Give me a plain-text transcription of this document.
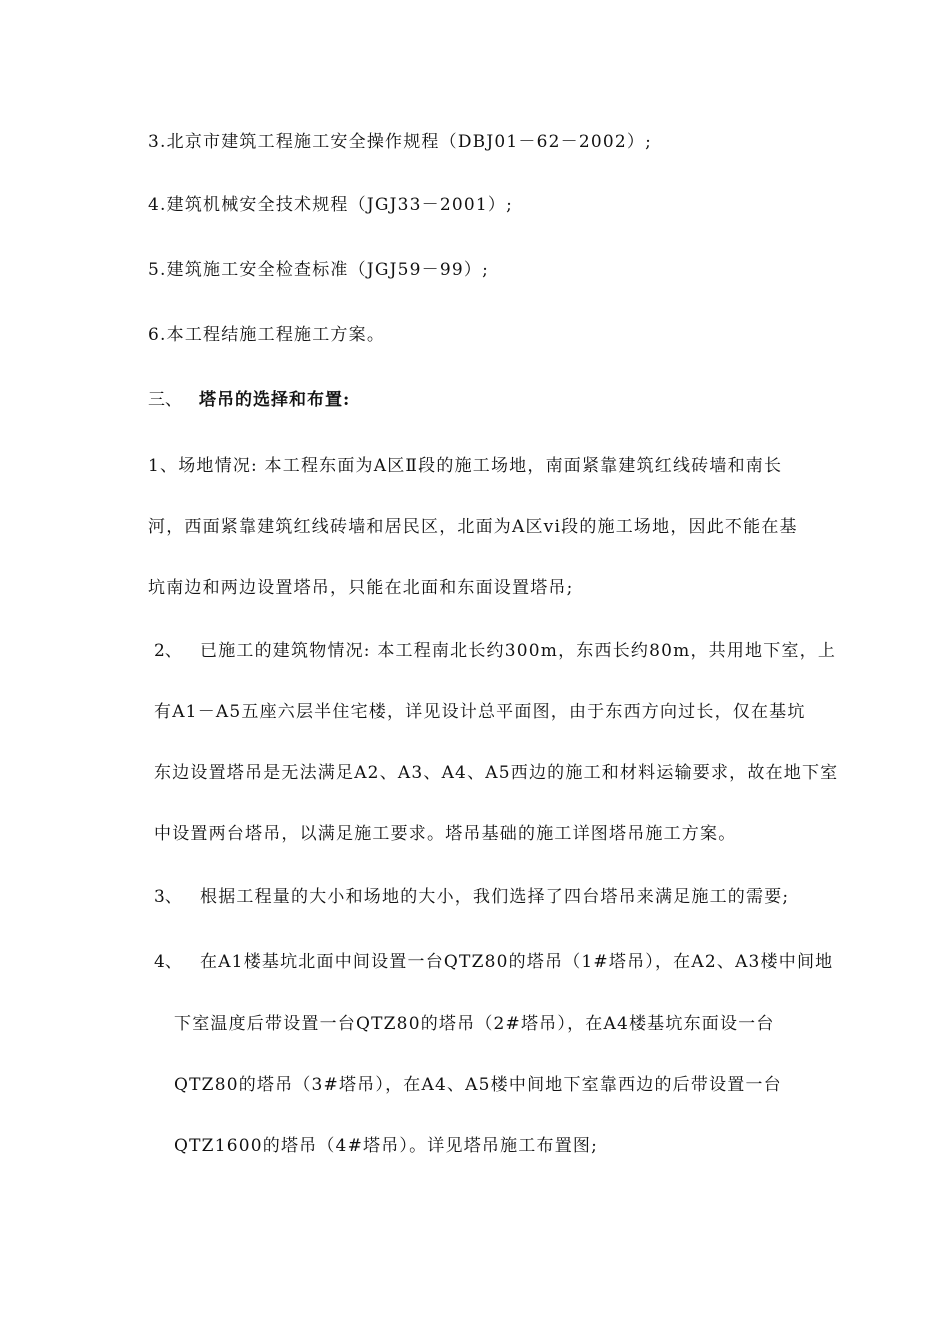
3.北京市建筑工程施工安全操作规程（DBJ01－62－2002）;
4.建筑机械安全技术规程（JGJ33－2001）;
5.建筑施工安全检查标准（JGJ59－99）;
6.本工程结施工程施工方案。
三、 塔吊的选择和布置:
1、场地情况: 本工程东面为A区Ⅱ段的施工场地，南面紧靠建筑红线砖墙和南长
河，西面紧靠建筑红线砖墙和居民区，北面为A区vi段的施工场地，因此不能在基
坑南边和两边设置塔吊，只能在北面和东面设置塔吊;
2、 已施工的建筑物情况: 本工程南北长约300m，东西长约80m，共用地下室，上
有A1－A5五座六层半住宅楼，详见设计总平面图，由于东西方向过长，仅在基坑
东边设置塔吊是无法满足A2、A3、A4、A5西边的施工和材料运输要求，故在地下室
中设置两台塔吊，以满足施工要求。塔吊基础的施工详图塔吊施工方案。
3、 根据工程量的大小和场地的大小，我们选择了四台塔吊来满足施工的需要;
4、 在A1楼基坑北面中间设置一台QTZ80的塔吊（1#塔吊），在A2、A3楼中间地
下室温度后带设置一台QTZ80的塔吊（2#塔吊），在A4楼基坑东面设一台
QTZ80的塔吊（3#塔吊），在A4、A5楼中间地下室靠西边的后带设置一台
QTZ1600的塔吊（4#塔吊）。详见塔吊施工布置图;
